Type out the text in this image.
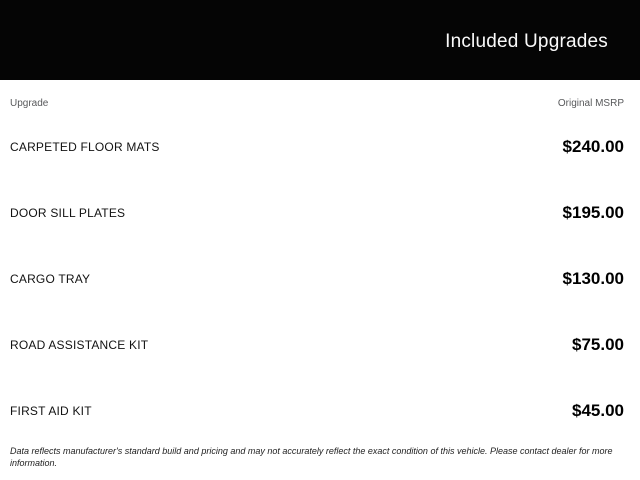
Included Upgrades
Upgrade	Original MSRP
CARPETED FLOOR MATS	$240.00
DOOR SILL PLATES	$195.00
CARGO TRAY	$130.00
ROAD ASSISTANCE KIT	$75.00
FIRST AID KIT	$45.00

Data reflects manufacturer's standard build and pricing and may not accurately reflect the exact condition of this vehicle. Please contact dealer for more information.
